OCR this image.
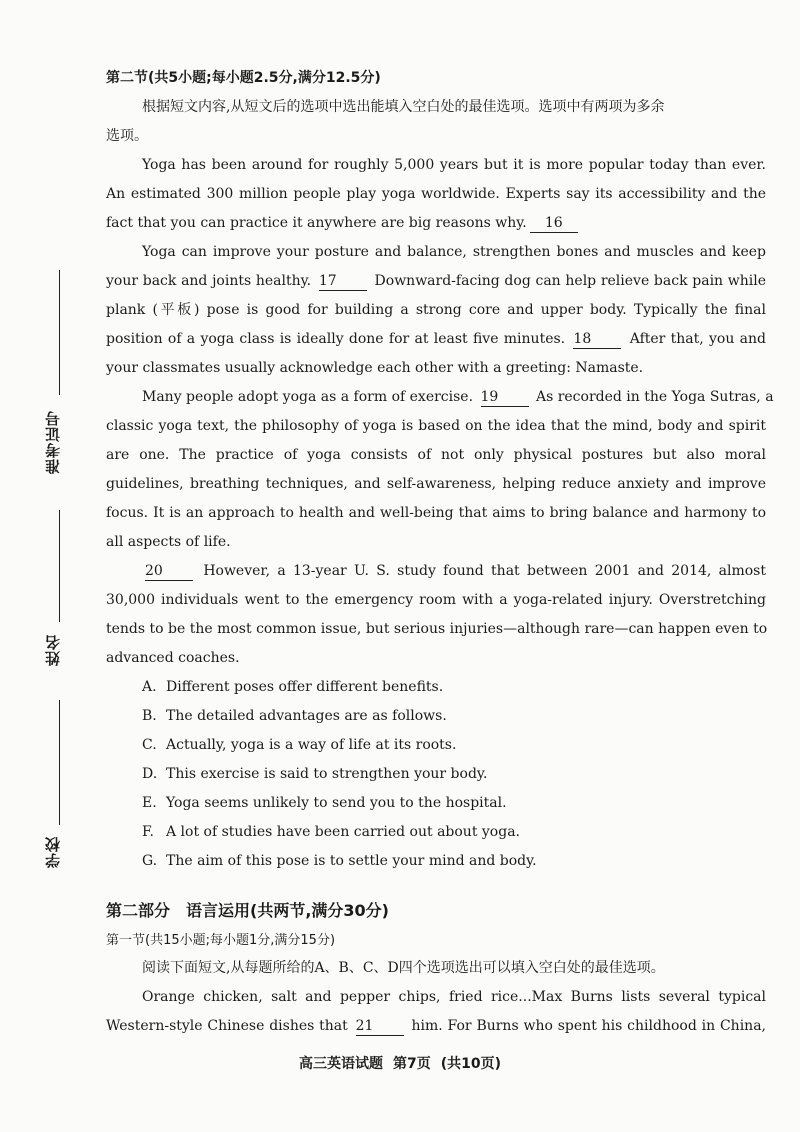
准考证号
姓名
学校
第二节(共5小题;每小题2.5分,满分12.5分)
根据短文内容,从短文后的选项中选出能填入空白处的最佳选项。选项中有两项为多余
选项。
Yoga has been around for roughly 5,000 years but it is more popular today than ever.
An estimated 300 million people play yoga worldwide. Experts say its accessibility and the
fact that you can practice it anywhere are big reasons why. 16
Yoga can improve your posture and balance, strengthen bones and muscles and keep
your back and joints healthy. 17	Downward-facing dog can help relieve back pain while
plank (平板) pose is good for building a strong core and upper body. Typically the final
position of a yoga class is ideally done for at least five minutes. 18	After that, you and
your classmates usually acknowledge each other with a greeting: Namaste.
Many people adopt yoga as a form of exercise. 19	As recorded in the Yoga Sutras, a
classic yoga text, the philosophy of yoga is based on the idea that the mind, body and spirit
are one. The practice of yoga consists of not only physical postures but also moral
guidelines, breathing techniques, and self-awareness, helping reduce anxiety and improve
focus. It is an approach to health and well-being that aims to bring balance and harmony to
all aspects of life.
20	However, a 13-year U. S. study found that between 2001 and 2014, almost
30,000 individuals went to the emergency room with a yoga-related injury. Overstretching
tends to be the most common issue, but serious injuries—although rare—can happen even to
advanced coaches.
A. Different poses offer different benefits.
B. The detailed advantages are as follows.
C. Actually, yoga is a way of life at its roots.
D. This exercise is said to strengthen your body.
E. Yoga seems unlikely to send you to the hospital.
F. A lot of studies have been carried out about yoga.
G. The aim of this pose is to settle your mind and body.
第二部分 语言运用(共两节,满分30分)
第一节(共15小题;每小题1分,满分15分)
阅读下面短文,从每题所给的A、B、C、D四个选项选出可以填入空白处的最佳选项。
Orange chicken, salt and pepper chips, fried rice...Max Burns lists several typical
Western-style Chinese dishes that 21	him. For Burns who spent his childhood in China,
高三英语试题 第7页 (共10页)
